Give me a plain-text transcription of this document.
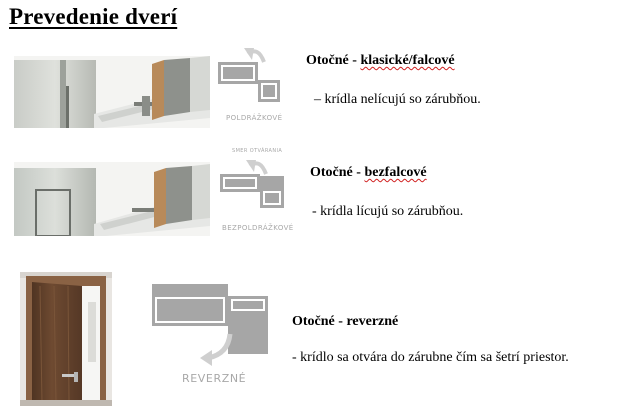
Prevedenie dverí
POLDRÁŽKOVÉ
Otočné - klasické/falcové
– krídla nelícujú so zárubňou.
SMER OTVÁRANIA
BEZPOLDRÁŽKOVÉ
Otočné - bezfalcové
- krídla lícujú so zárubňou.
REVERZNÉ
Otočné - reverzné
- krídlo sa otvára do zárubne čím sa šetrí priestor.
